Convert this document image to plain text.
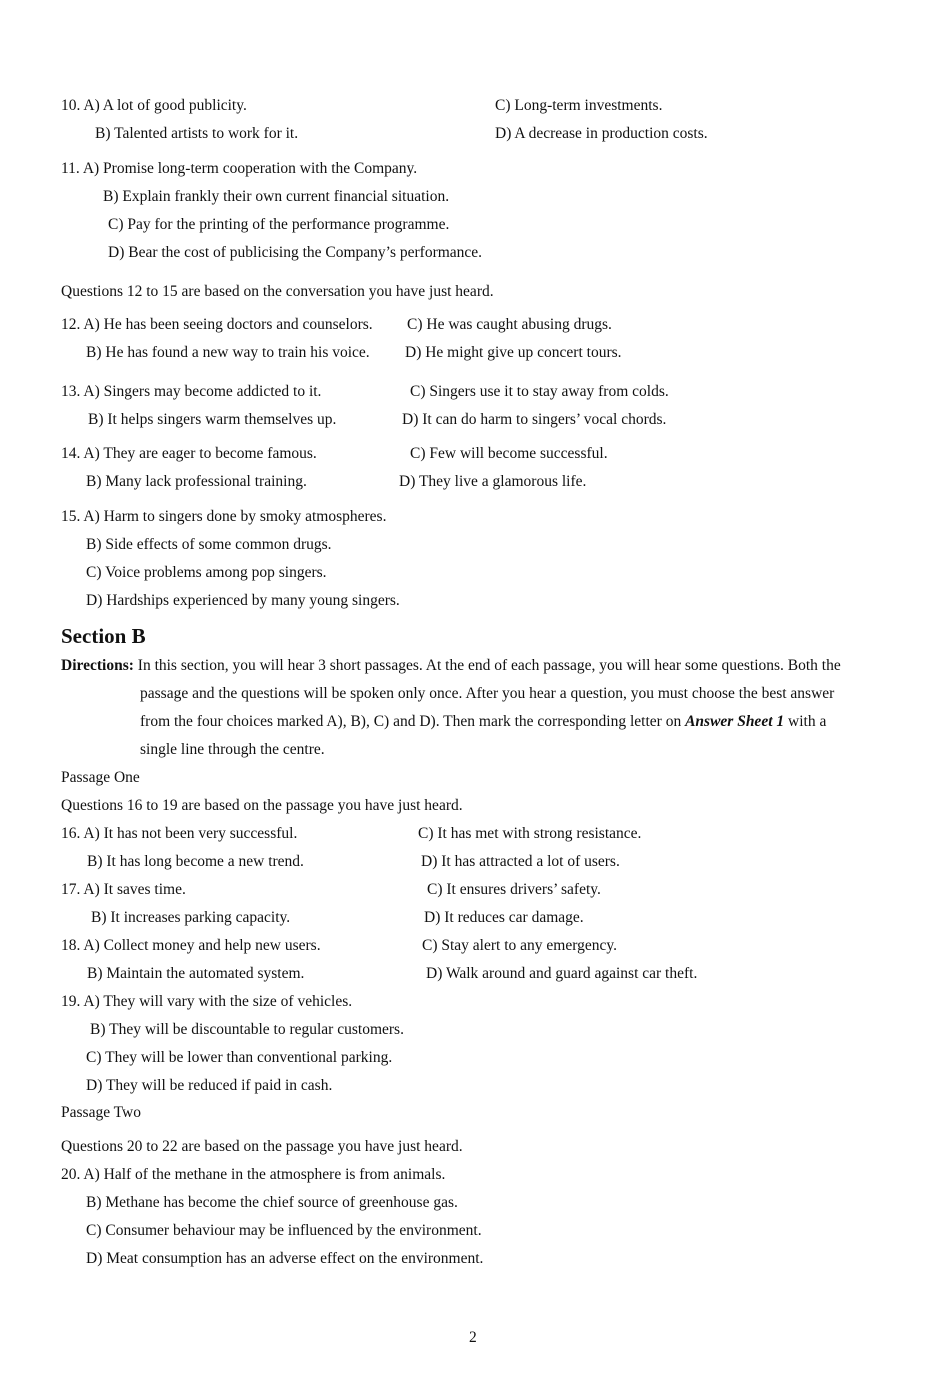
10. A) A lot of good publicity.	C) Long-term investments.
B) Talented artists to work for it.	D) A decrease in production costs.
11. A) Promise long-term cooperation with the Company.
B) Explain frankly their own current financial situation.
C) Pay for the printing of the performance programme.
D) Bear the cost of publicising the Company’s performance.
Questions 12 to 15 are based on the conversation you have just heard.
12. A) He has been seeing doctors and counselors. C) He was caught abusing drugs.
B) He has found a new way to train his voice. D) He might give up concert tours.
13. A) Singers may become addicted to it.	C) Singers use it to stay away from colds.
B) It helps singers warm themselves up.	D) It can do harm to singers’ vocal chords.
14. A) They are eager to become famous.	C) Few will become successful.
B) Many lack professional training.	D) They live a glamorous life.
15. A) Harm to singers done by smoky atmospheres.
B) Side effects of some common drugs.
C) Voice problems among pop singers.
D) Hardships experienced by many young singers.
Section B
Directions: In this section, you will hear 3 short passages. At the end of each passage, you will hear some questions. Both the
passage and the questions will be spoken only once. After you hear a question, you must choose the best answer
from the four choices marked A), B), C) and D). Then mark the corresponding letter on Answer Sheet 1 with a
single line through the centre.
Passage One
Questions 16 to 19 are based on the passage you have just heard.
16. A) It has not been very successful.	C) It has met with strong resistance.
B) It has long become a new trend.	D) It has attracted a lot of users.
17. A) It saves time.	C) It ensures drivers’ safety.
B) It increases parking capacity.	D) It reduces car damage.
18. A) Collect money and help new users.	C) Stay alert to any emergency.
B) Maintain the automated system.	D) Walk around and guard against car theft.
19. A) They will vary with the size of vehicles.
B) They will be discountable to regular customers.
C) They will be lower than conventional parking.
D) They will be reduced if paid in cash.
Passage Two
Questions 20 to 22 are based on the passage you have just heard.
20. A) Half of the methane in the atmosphere is from animals.
B) Methane has become the chief source of greenhouse gas.
C) Consumer behaviour may be influenced by the environment.
D) Meat consumption has an adverse effect on the environment.
2
